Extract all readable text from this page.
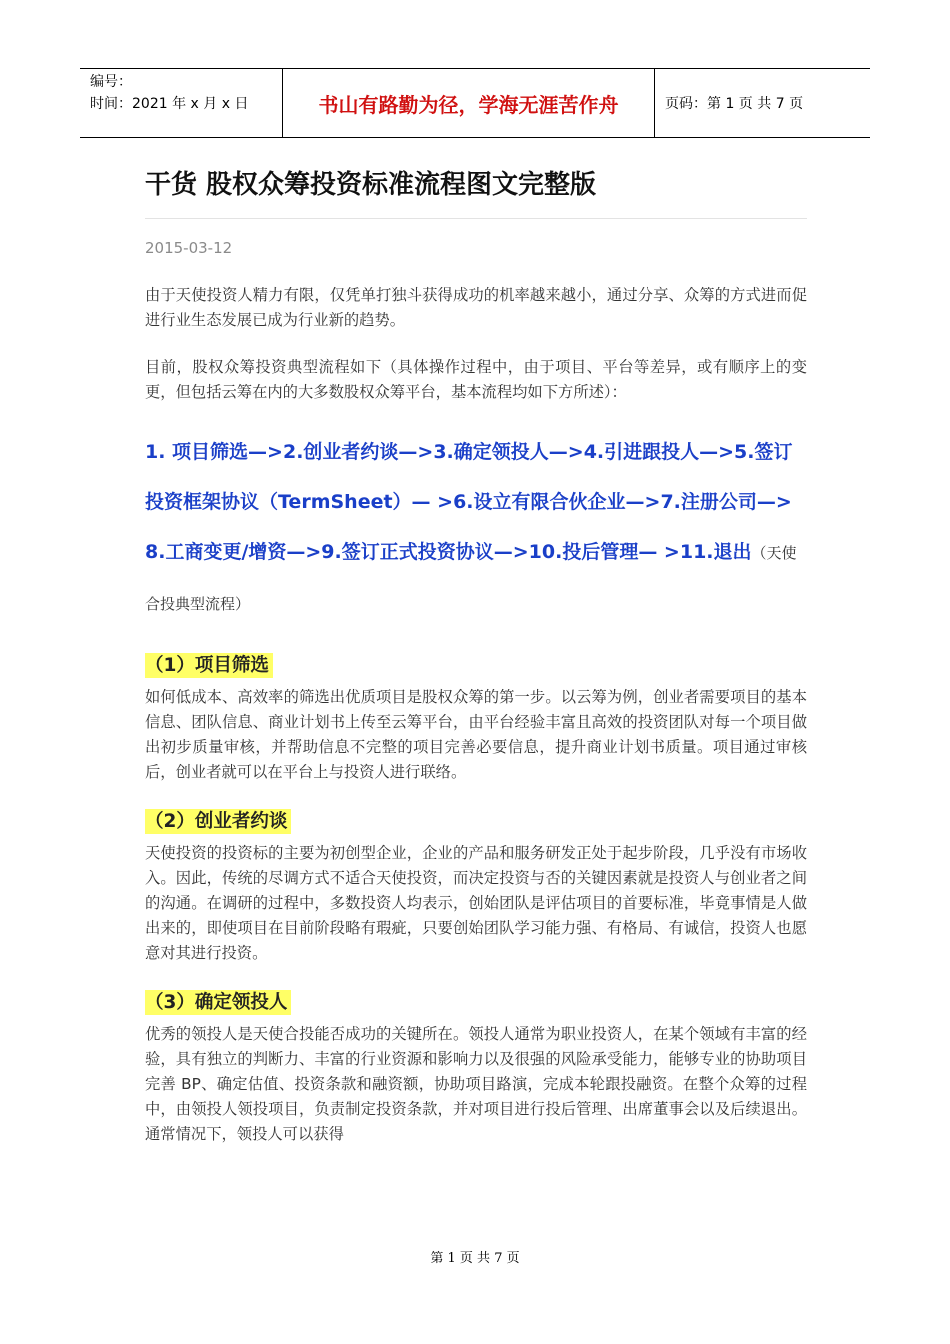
编号：
时间：2021 年 x 月 x 日	书山有路勤为径，学海无涯苦作舟	页码：第 1 页 共 7 页
干货 股权众筹投资标准流程图文完整版
2015-03-12
由于天使投资人精力有限，仅凭单打独斗获得成功的机率越来越小，通过分享、众筹的方式进而促进行业生态发展已成为行业新的趋势。
目前，股权众筹投资典型流程如下（具体操作过程中，由于项目、平台等差异，或有顺序上的变更，但包括云筹在内的大多数股权众筹平台，基本流程均如下方所述）：
1. 项目筛选—>2.创业者约谈—>3.确定领投人—>4.引进跟投人—>5.签订投资框架协议（TermSheet）— >6.设立有限合伙企业—>7.注册公司—>8.工商变更/增资—>9.签订正式投资协议—>10.投后管理— >11.退出（天使合投典型流程）
（1）项目筛选
如何低成本、高效率的筛选出优质项目是股权众筹的第一步。以云筹为例，创业者需要项目的基本信息、团队信息、商业计划书上传至云筹平台，由平台经验丰富且高效的投资团队对每一个项目做出初步质量审核，并帮助信息不完整的项目完善必要信息，提升商业计划书质量。项目通过审核后，创业者就可以在平台上与投资人进行联络。
（2）创业者约谈
天使投资的投资标的主要为初创型企业，企业的产品和服务研发正处于起步阶段，几乎没有市场收入。因此，传统的尽调方式不适合天使投资，而决定投资与否的关键因素就是投资人与创业者之间的沟通。在调研的过程中，多数投资人均表示，创始团队是评估项目的首要标准，毕竟事情是人做出来的，即使项目在目前阶段略有瑕疵，只要创始团队学习能力强、有格局、有诚信，投资人也愿意对其进行投资。
（3）确定领投人
优秀的领投人是天使合投能否成功的关键所在。领投人通常为职业投资人，在某个领域有丰富的经验，具有独立的判断力、丰富的行业资源和影响力以及很强的风险承受能力，能够专业的协助项目完善 BP、确定估值、投资条款和融资额，协助项目路演，完成本轮跟投融资。在整个众筹的过程中，由领投人领投项目，负责制定投资条款，并对项目进行投后管理、出席董事会以及后续退出。通常情况下，领投人可以获得
第 1 页 共 7 页
